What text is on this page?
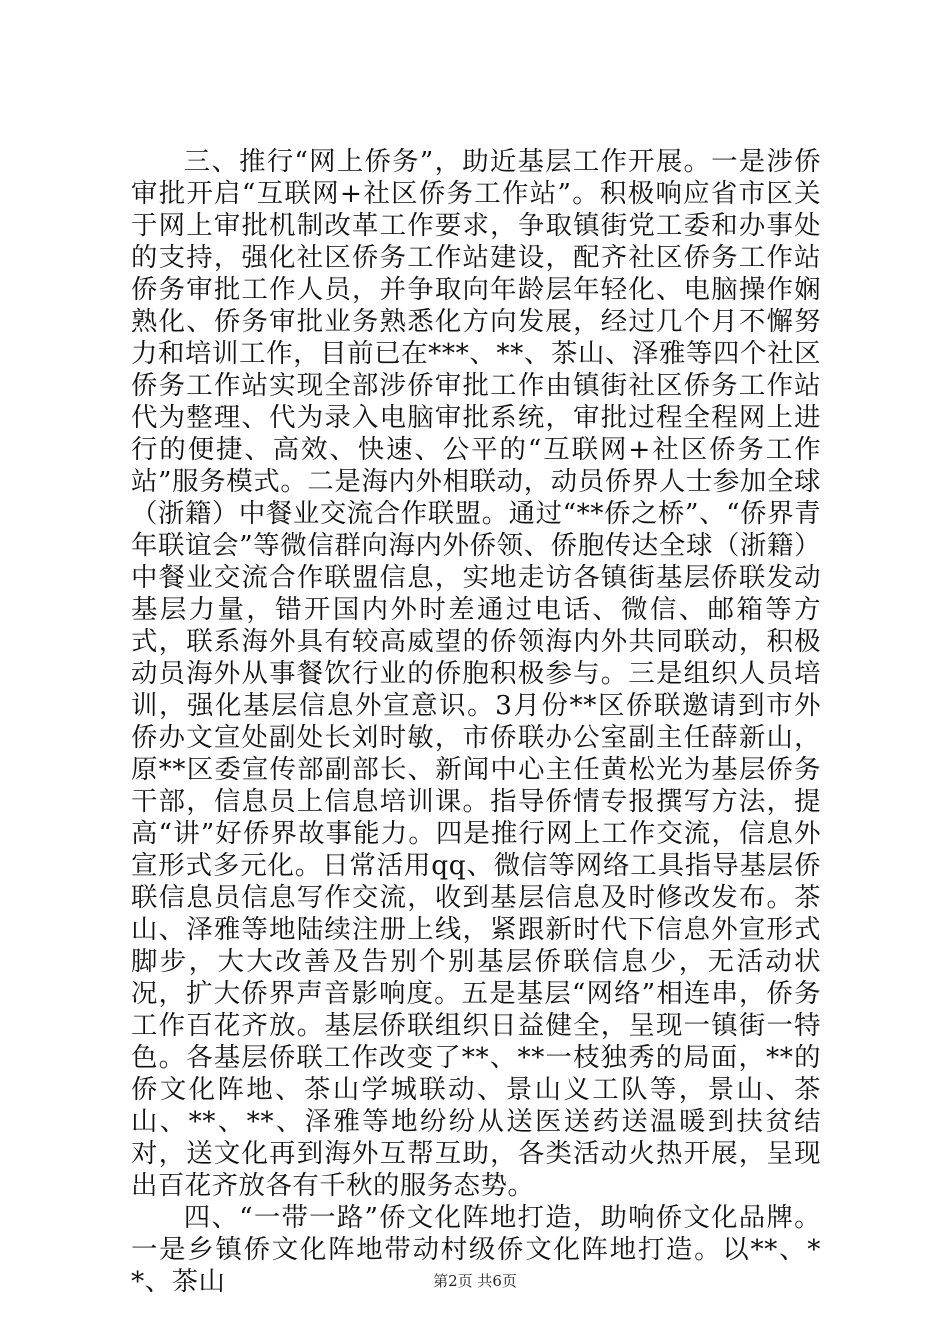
三、推行“网上侨务”，助近基层工作开展。一是涉侨审批开启“互联网+社区侨务工作站”。积极响应省市区关于网上审批机制改革工作要求，争取镇街党工委和办事处的支持，强化社区侨务工作站建设，配齐社区侨务工作站侨务审批工作人员，并争取向年龄层年轻化、电脑操作娴熟化、侨务审批业务熟悉化方向发展，经过几个月不懈努力和培训工作，目前已在***、**、茶山、泽雅等四个社区侨务工作站实现全部涉侨审批工作由镇街社区侨务工作站代为整理、代为录入电脑审批系统，审批过程全程网上进行的便捷、高效、快速、公平的“互联网+社区侨务工作站”服务模式。二是海内外相联动，动员侨界人士参加全球（浙籍）中餐业交流合作联盟。通过“**侨之桥”、“侨界青年联谊会”等微信群向海内外侨领、侨胞传达全球（浙籍）中餐业交流合作联盟信息，实地走访各镇街基层侨联发动基层力量，错开国内外时差通过电话、微信、邮箱等方式，联系海外具有较高威望的侨领海内外共同联动，积极动员海外从事餐饮行业的侨胞积极参与。三是组织人员培训，强化基层信息外宣意识。3月份**区侨联邀请到市外侨办文宣处副处长刘时敏，市侨联办公室副主任薛新山，原**区委宣传部副部长、新闻中心主任黄松光为基层侨务干部，信息员上信息培训课。指导侨情专报撰写方法，提高“讲”好侨界故事能力。四是推行网上工作交流，信息外宣形式多元化。日常活用qq、微信等网络工具指导基层侨联信息员信息写作交流，收到基层信息及时修改发布。茶山、泽雅等地陆续注册上线，紧跟新时代下信息外宣形式脚步，大大改善及告别个别基层侨联信息少，无活动状况，扩大侨界声音影响度。五是基层“网络”相连串，侨务工作百花齐放。基层侨联组织日益健全，呈现一镇街一特色。各基层侨联工作改变了**、**一枝独秀的局面，**的侨文化阵地、茶山学城联动、景山义工队等，景山、茶山、**、**、泽雅等地纷纷从送医送药送温暖到扶贫结对，送文化再到海外互帮互助，各类活动火热开展，呈现出百花齐放各有千秋的服务态势。

四、“一带一路”侨文化阵地打造，助响侨文化品牌。一是乡镇侨文化阵地带动村级侨文化阵地打造。以**、**、茶山	第2页 共6页
